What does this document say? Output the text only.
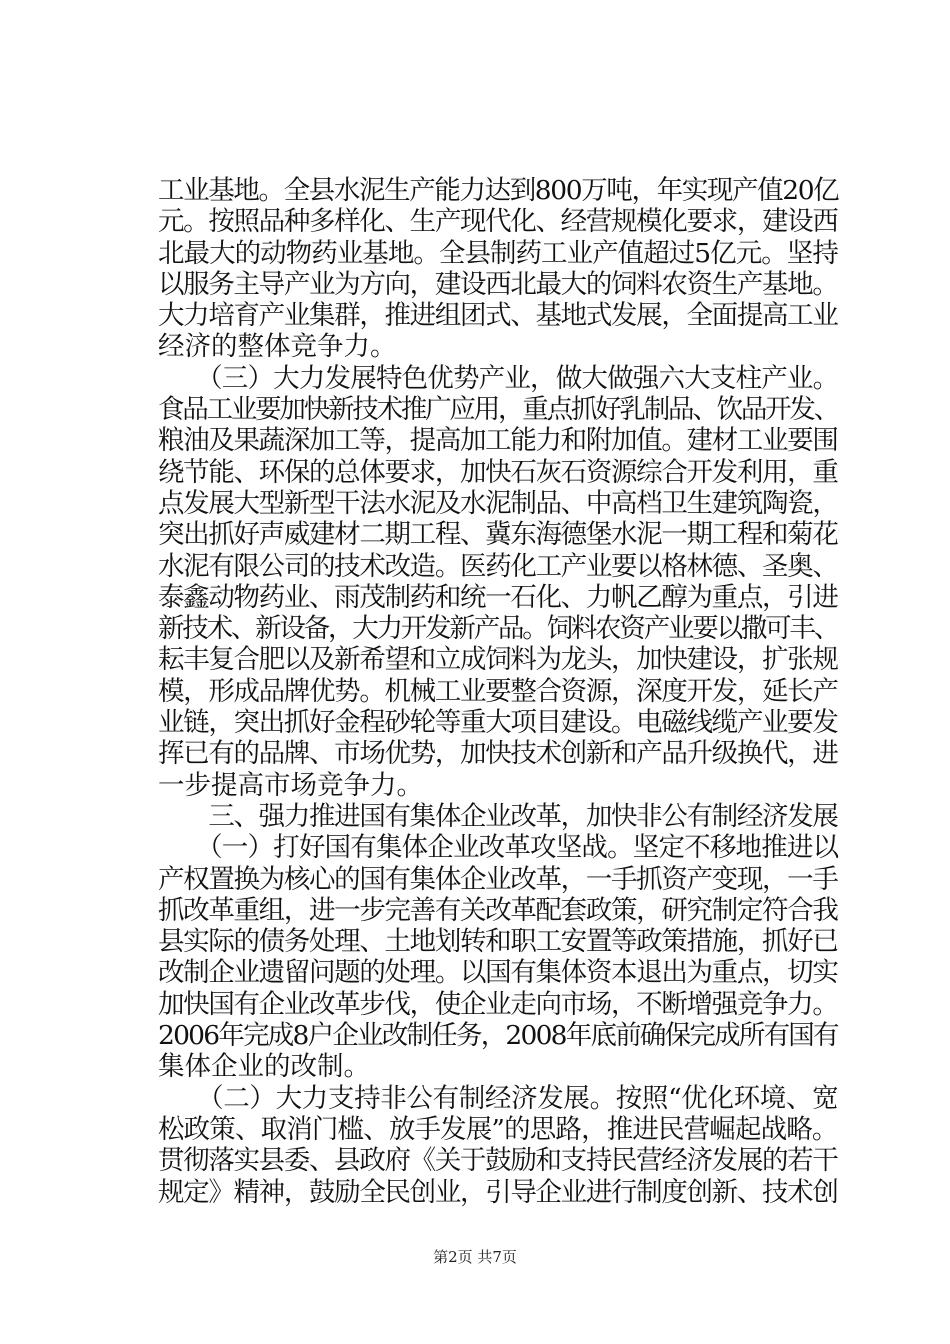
工业基地。全县水泥生产能力达到800万吨，年实现产值20亿
元。按照品种多样化、生产现代化、经营规模化要求，建设西
北最大的动物药业基地。全县制药工业产值超过5亿元。坚持
以服务主导产业为方向，建设西北最大的饲料农资生产基地。
大力培育产业集群，推进组团式、基地式发展，全面提高工业
经济的整体竞争力。
　　（三）大力发展特色优势产业，做大做强六大支柱产业。
食品工业要加快新技术推广应用，重点抓好乳制品、饮品开发、
粮油及果蔬深加工等，提高加工能力和附加值。建材工业要围
绕节能、环保的总体要求，加快石灰石资源综合开发利用，重
点发展大型新型干法水泥及水泥制品、中高档卫生建筑陶瓷，
突出抓好声威建材二期工程、冀东海德堡水泥一期工程和菊花
水泥有限公司的技术改造。医药化工产业要以格林德、圣奥、
泰鑫动物药业、雨茂制药和统一石化、力帆乙醇为重点，引进
新技术、新设备，大力开发新产品。饲料农资产业要以撒可丰、
耘丰复合肥以及新希望和立成饲料为龙头，加快建设，扩张规
模，形成品牌优势。机械工业要整合资源，深度开发，延长产
业链，突出抓好金程砂轮等重大项目建设。电磁线缆产业要发
挥已有的品牌、市场优势，加快技术创新和产品升级换代，进
一步提高市场竞争力。
　　三、强力推进国有集体企业改革，加快非公有制经济发展
　　（一）打好国有集体企业改革攻坚战。坚定不移地推进以
产权置换为核心的国有集体企业改革，一手抓资产变现，一手
抓改革重组，进一步完善有关改革配套政策，研究制定符合我
县实际的债务处理、土地划转和职工安置等政策措施，抓好已
改制企业遗留问题的处理。以国有集体资本退出为重点，切实
加快国有企业改革步伐，使企业走向市场，不断增强竞争力。
2006年完成8户企业改制任务，2008年底前确保完成所有国有
集体企业的改制。
　　（二）大力支持非公有制经济发展。按照“优化环境、宽
松政策、取消门槛、放手发展”的思路，推进民营崛起战略。
贯彻落实县委、县政府《关于鼓励和支持民营经济发展的若干
规定》精神，鼓励全民创业，引导企业进行制度创新、技术创
第2页 共7页
